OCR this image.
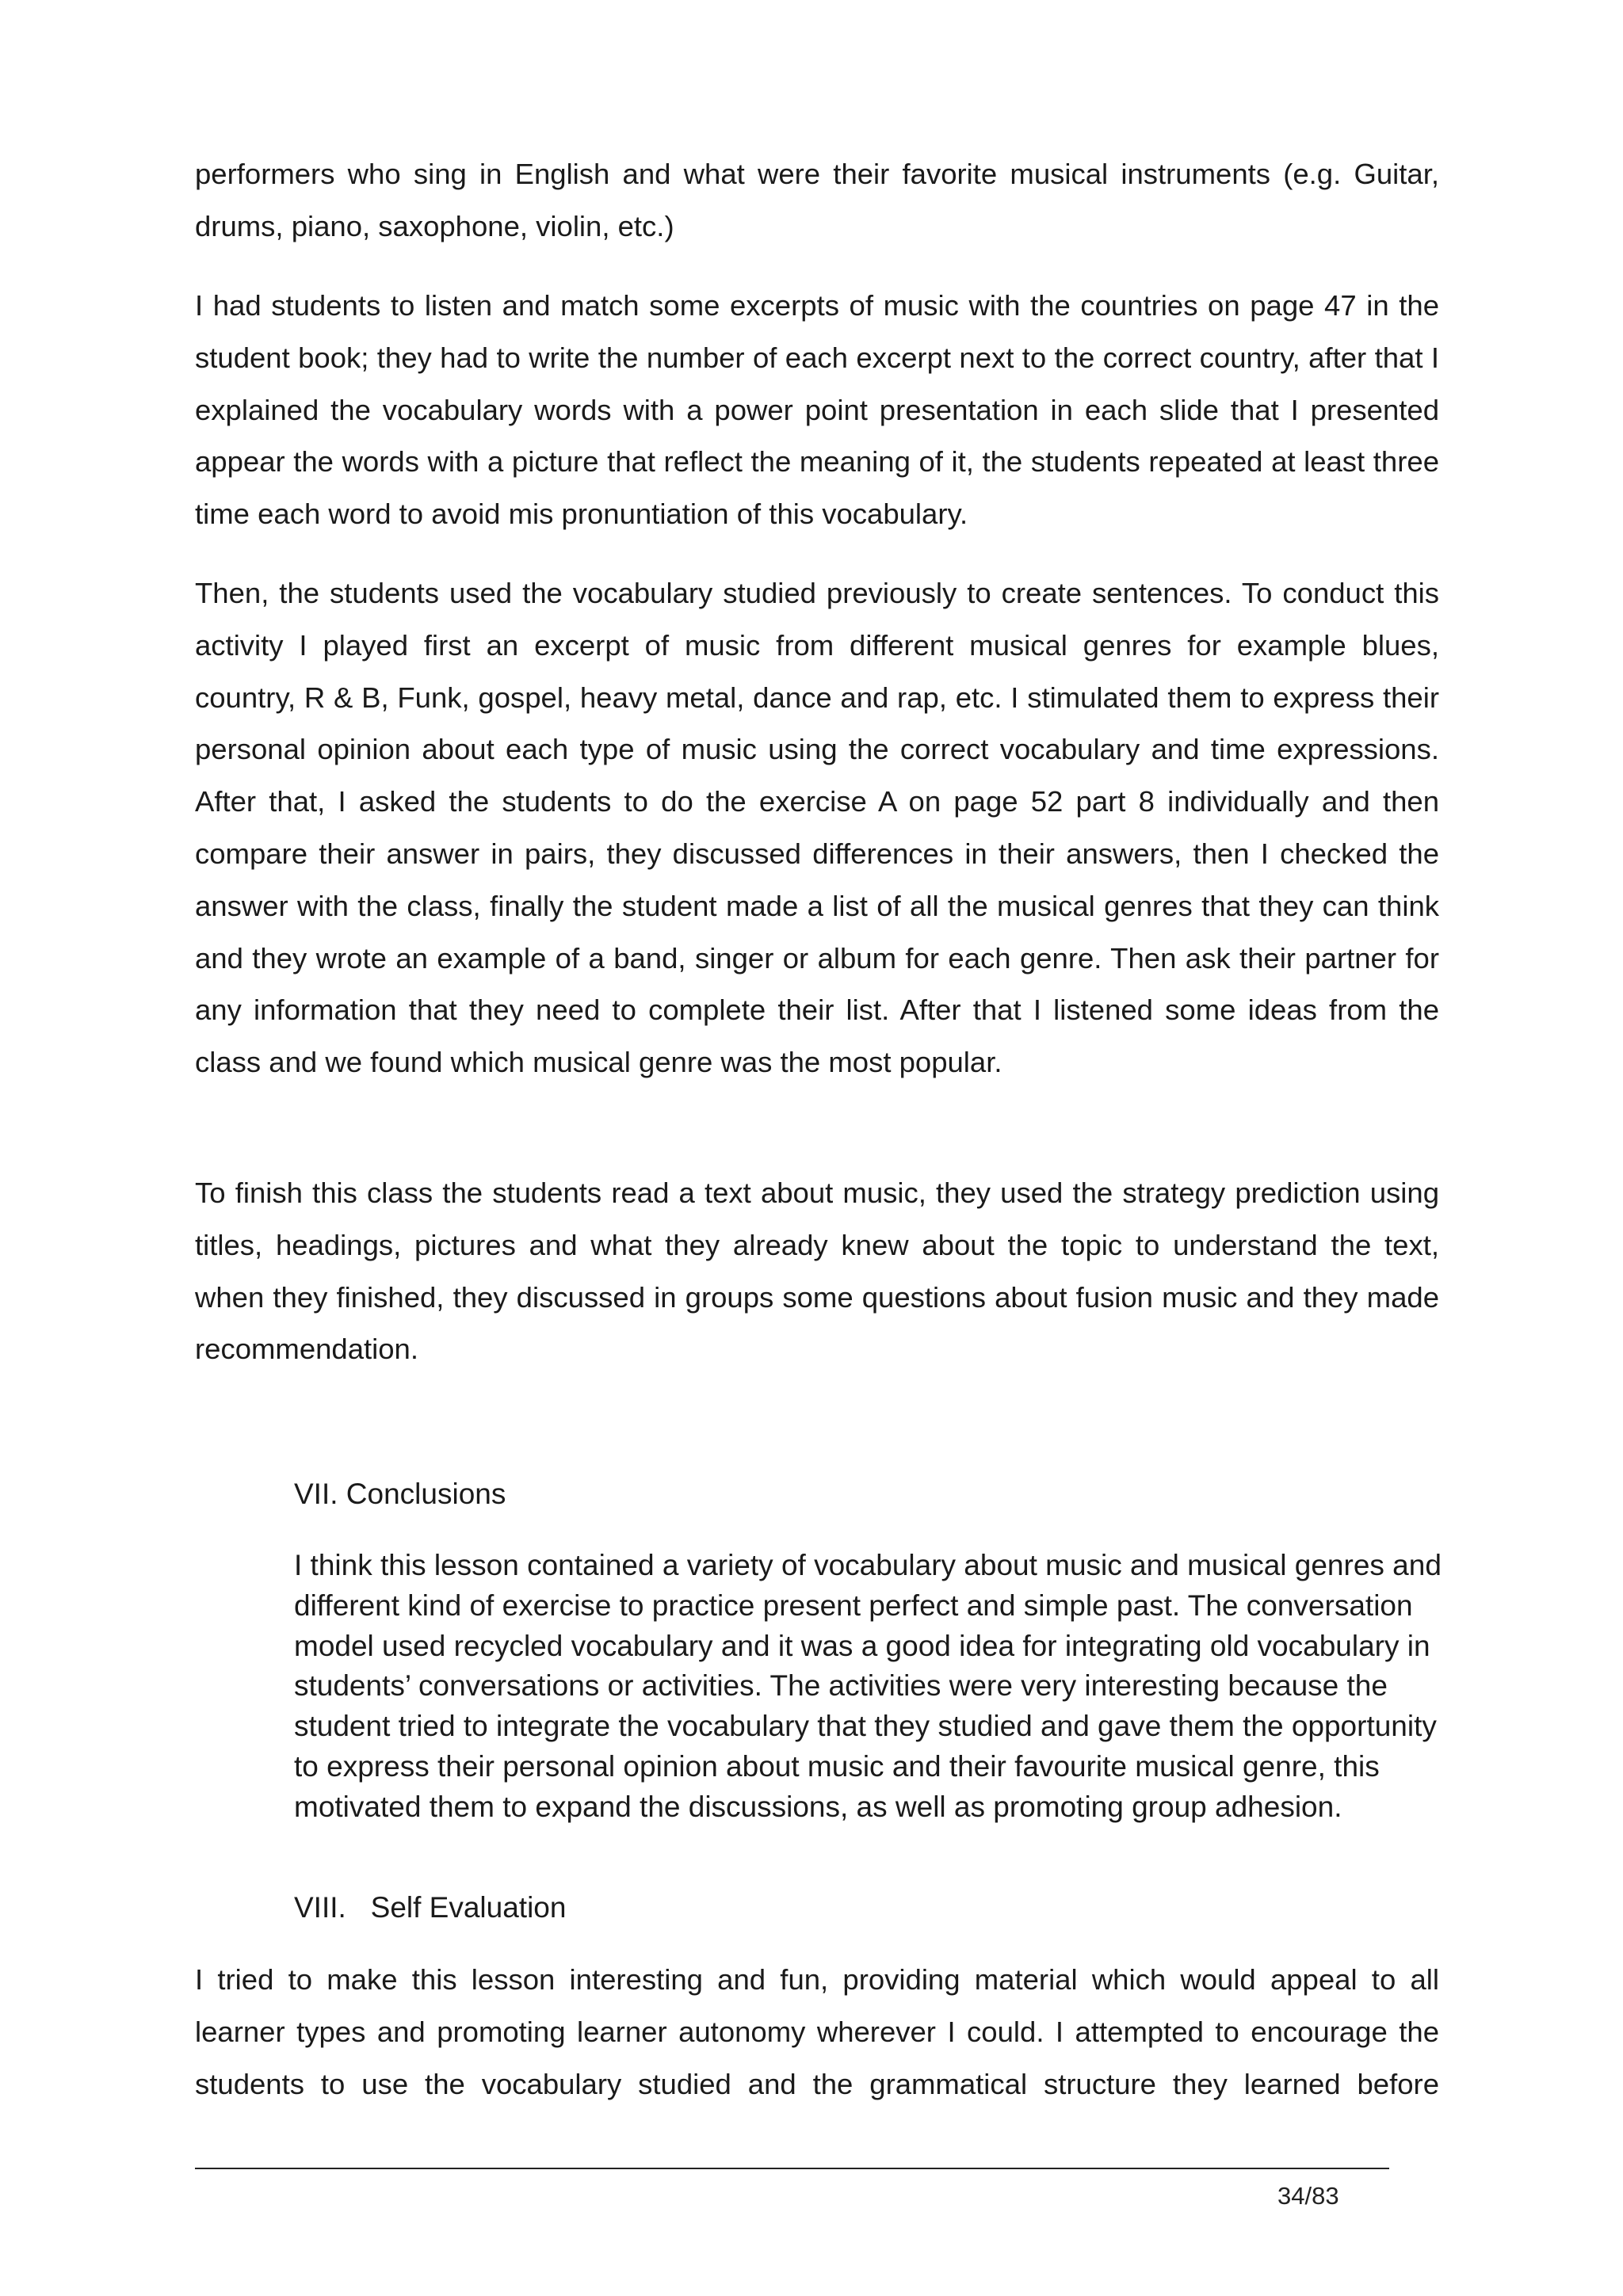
performers who sing in English and what were their favorite musical instruments (e.g. Guitar, drums, piano, saxophone, violin, etc.)

I had students to listen and match some excerpts of music with the countries on page 47 in the student book; they had to write the number of each excerpt next to the correct country, after that I explained the vocabulary words with a power point presentation in each slide that I presented appear the words with a picture that reflect the meaning of it, the students repeated at least three time each word to avoid mis pronuntiation of this vocabulary.

Then, the students used the vocabulary studied previously to create sentences. To conduct this activity I played first an excerpt of music from different musical genres for example blues, country, R & B, Funk, gospel, heavy metal, dance and rap, etc. I stimulated them to express their personal opinion about each type of music using the correct vocabulary and time expressions. After that, I asked the students to do the exercise A on page 52 part 8 individually and then compare their answer in pairs, they discussed differences in their answers, then I checked the answer with the class, finally the student made a list of all the musical genres that they can think and they wrote an example of a band, singer or album for each genre. Then ask their partner for any information that they need to complete their list. After that I listened some ideas from the class and we found which musical genre was the most popular.

To finish this class the students read a text about music, they used the strategy prediction using titles, headings, pictures and what they already knew about the topic to understand the text, when they finished, they discussed in groups some questions about fusion music and they made recommendation.

VII. Conclusions

I think this lesson contained a variety of vocabulary about music and musical genres and different kind of exercise to practice present perfect and simple past. The conversation model used recycled vocabulary and it was a good idea for integrating old vocabulary in students’ conversations or activities. The activities were very interesting because the student tried to integrate the vocabulary that they studied and gave them the opportunity to express their personal opinion about music and their favourite musical genre, this motivated them to expand the discussions, as well as promoting group adhesion.

VIII.   Self Evaluation

I tried to make this lesson interesting and fun, providing material which would appeal to all learner types and promoting learner autonomy wherever I could. I attempted to encourage the students to use the vocabulary studied and the grammatical structure they learned before

34/83
